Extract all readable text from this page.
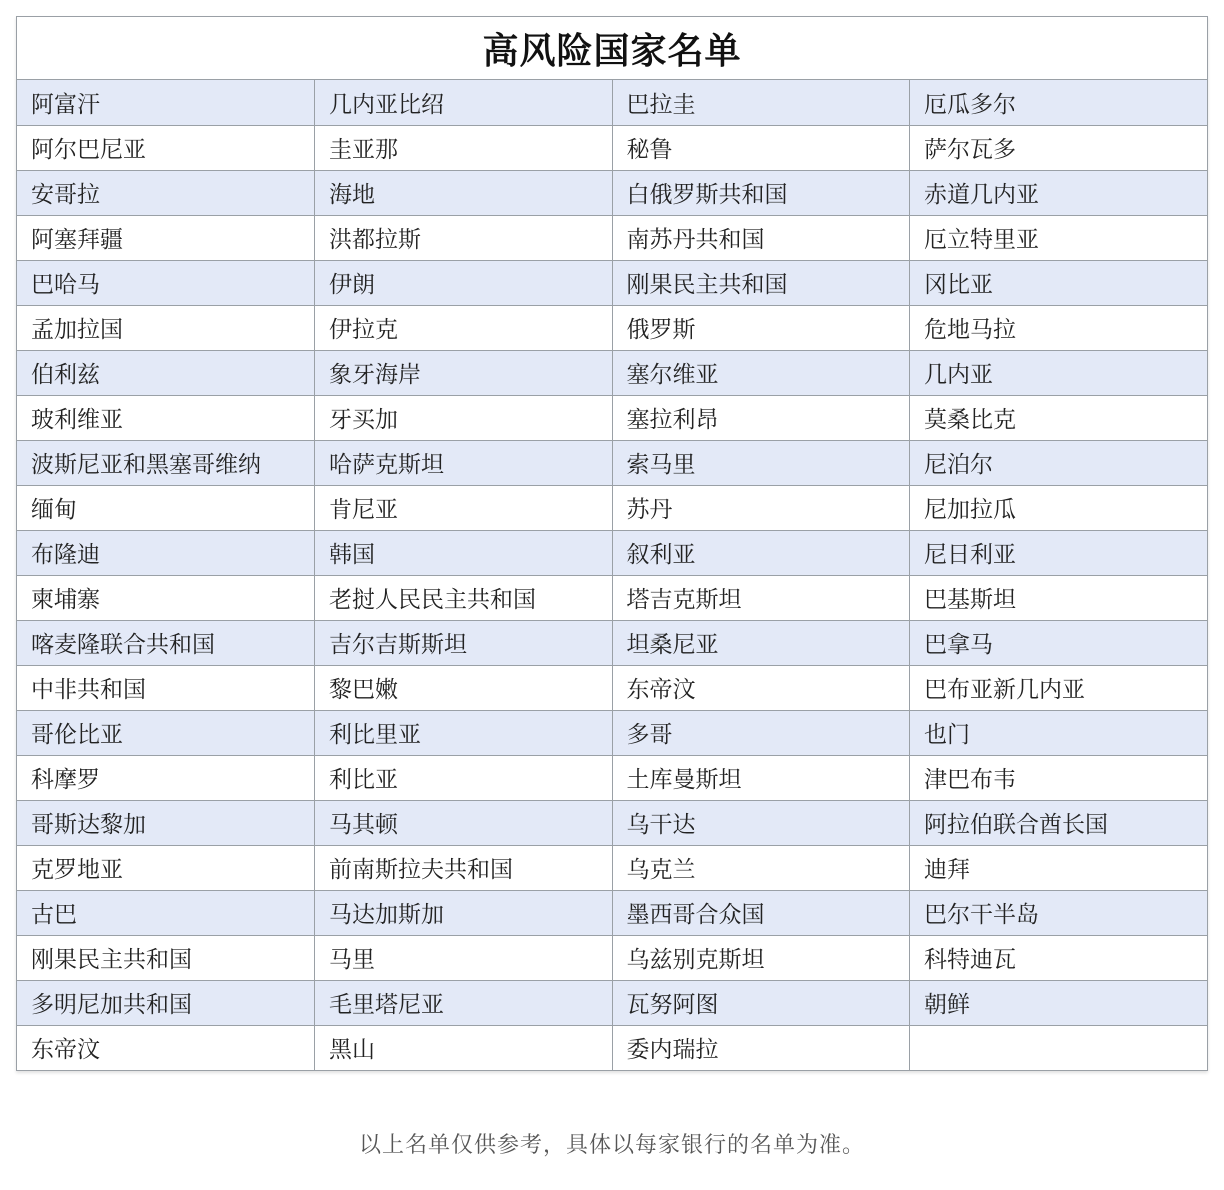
高风险国家名单
阿富汗	几内亚比绍	巴拉圭	厄瓜多尔
阿尔巴尼亚	圭亚那	秘鲁	萨尔瓦多
安哥拉	海地	白俄罗斯共和国	赤道几内亚
阿塞拜疆	洪都拉斯	南苏丹共和国	厄立特里亚
巴哈马	伊朗	刚果民主共和国	冈比亚
孟加拉国	伊拉克	俄罗斯	危地马拉
伯利兹	象牙海岸	塞尔维亚	几内亚
玻利维亚	牙买加	塞拉利昂	莫桑比克
波斯尼亚和黑塞哥维纳	哈萨克斯坦	索马里	尼泊尔
缅甸	肯尼亚	苏丹	尼加拉瓜
布隆迪	韩国	叙利亚	尼日利亚
柬埔寨	老挝人民民主共和国	塔吉克斯坦	巴基斯坦
喀麦隆联合共和国	吉尔吉斯斯坦	坦桑尼亚	巴拿马
中非共和国	黎巴嫩	东帝汶	巴布亚新几内亚
哥伦比亚	利比里亚	多哥	也门
科摩罗	利比亚	土库曼斯坦	津巴布韦
哥斯达黎加	马其顿	乌干达	阿拉伯联合酋长国
克罗地亚	前南斯拉夫共和国	乌克兰	迪拜
古巴	马达加斯加	墨西哥合众国	巴尔干半岛
刚果民主共和国	马里	乌兹别克斯坦	科特迪瓦
多明尼加共和国	毛里塔尼亚	瓦努阿图	朝鲜
东帝汶	黑山	委内瑞拉	
以上名单仅供参考，具体以每家银行的名单为准。
